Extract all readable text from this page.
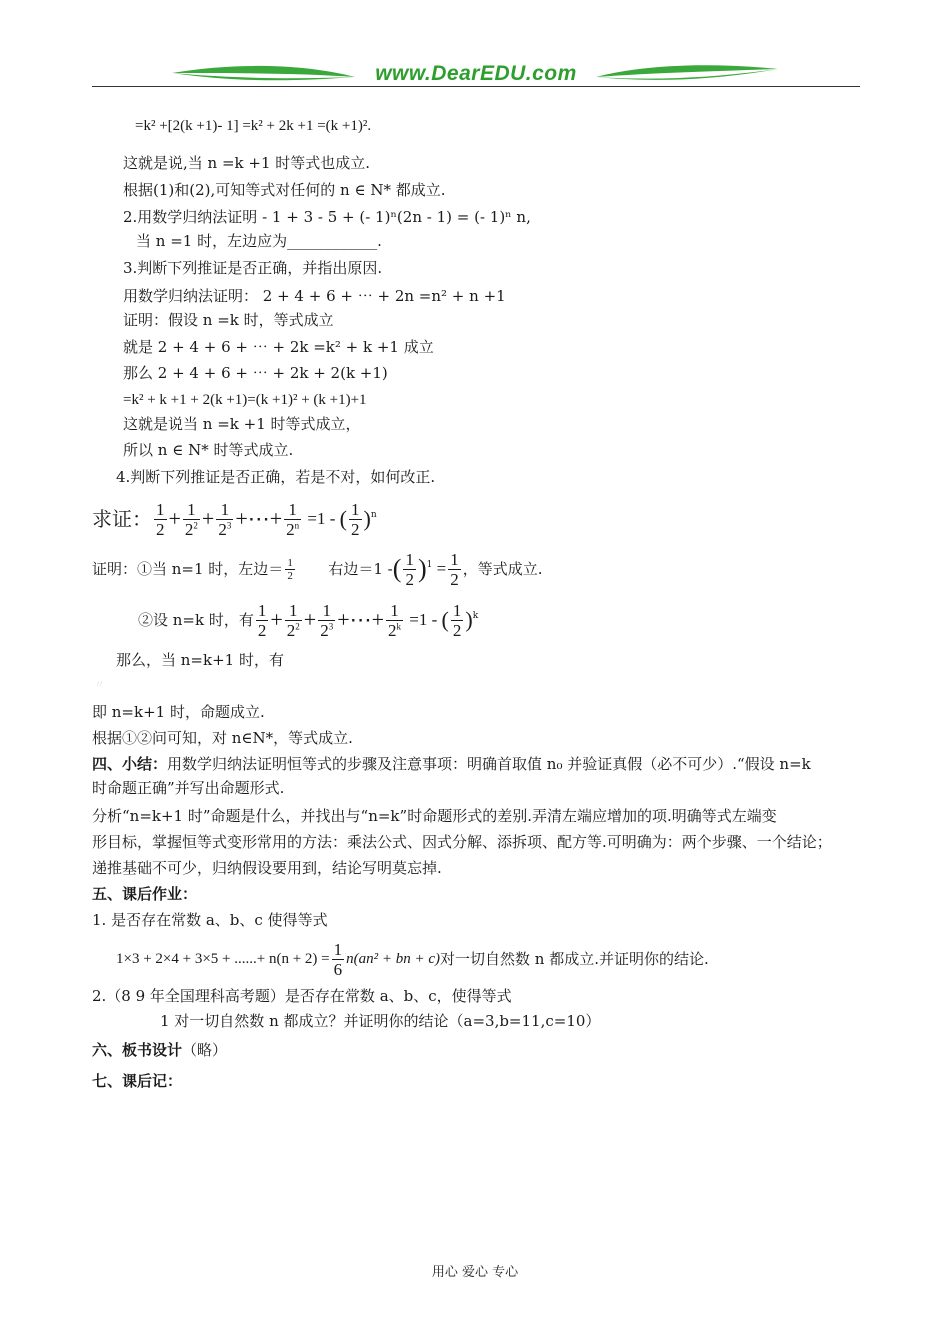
www.DearEDU.com
=k² +[2(k +1)- 1] =k² + 2k +1 =(k +1)².
这就是说,当 n =k +1 时等式也成立.
根据(1)和(2),可知等式对任何的 n ∈ N* 都成立.
2.用数学归纳法证明 - 1 + 3 - 5 + (- 1)ⁿ(2n - 1) = (- 1)ⁿ n,
当 n =1 时，左边应为____________.
3.判断下列推证是否正确，并指出原因.
用数学归纳法证明： 2 + 4 + 6 + ⋯ + 2n =n² + n +1
证明：假设 n =k 时，等式成立
就是 2 + 4 + 6 + ⋯ + 2k =k² + k +1 成立
那么 2 + 4 + 6 + ⋯ + 2k + 2(k +1)
=k² + k +1 + 2(k +1)=(k +1)² + (k +1)+1
这就是说当 n =k +1 时等式成立，
所以 n ∈ N* 时等式成立.
4.判断下列推证是否正确，若是不对，如何改正.
求证： $\frac{1}{2} + \frac{1}{2^2} + \frac{1}{2^3}$ +⋯+ $\frac{1}{2^n} =1$ - ( $\frac{1}{2} )^n$
证明：①当 n=1 时，左边＝ $\frac{1}{2}$ 右边＝1 -( $\frac{1}{2} )^1 = \frac{1}{2}$ ，等式成立.
②设 n=k 时，有 $\frac{1}{2} + \frac{1}{2^2} + \frac{1}{2^3}$ +⋯+ $\frac{1}{2^k} =1$ - ( $\frac{1}{2} )^k$
那么，当 n=k+1 时，有
〃
即 n=k+1 时，命题成立.
根据①②问可知，对 n∈N*，等式成立.
四、小结：用数学归纳法证明恒等式的步骤及注意事项：明确首取值 n₀ 并验证真假（必不可少）.“假设 n=k
时命题正确”并写出命题形式.
分析“n=k+1 时”命题是什么，并找出与“n=k”时命题形式的差别.弄清左端应增加的项.明确等式左端变
形目标，掌握恒等式变形常用的方法：乘法公式、因式分解、添拆项、配方等.可明确为：两个步骤、一个结论；
递推基础不可少，归纳假设要用到，结论写明莫忘掉.
五、课后作业：
1. 是否存在常数 a、b、c 使得等式
1×3 + 2×4 + 3×5 + ......+ $n(n + 2) = \frac{1}{6} n(an^2$ + bn + c)对一切自然数 n 都成立.并证明你的结论.
2.（8 9 年全国理科高考题）是否存在常数 a、b、c，使得等式
1 对一切自然数 n 都成立？并证明你的结论（a=3,b=11,c=10）
六、板书设计（略）
七、课后记：
用心 爱心 专心
